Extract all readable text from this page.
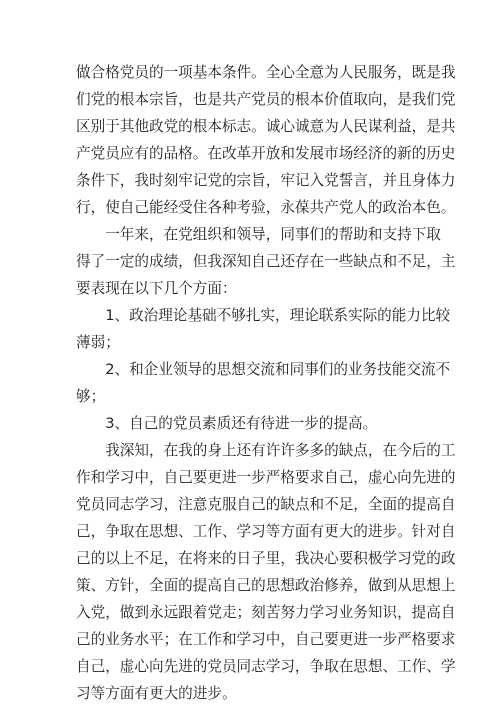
做合格党员的一项基本条件。全心全意为人民服务，既是我
们党的根本宗旨，也是共产党员的根本价值取向，是我们党
区别于其他政党的根本标志。诚心诚意为人民谋利益，是共
产党员应有的品格。在改革开放和发展市场经济的新的历史
条件下，我时刻牢记党的宗旨，牢记入党誓言，并且身体力
行，使自己能经受住各种考验，永葆共产党人的政治本色。
　　一年来，在党组织和领导，同事们的帮助和支持下取
得了一定的成绩，但我深知自己还存在一些缺点和不足，主
要表现在以下几个方面：
　　1、政治理论基础不够扎实，理论联系实际的能力比较
薄弱；
　　2、和企业领导的思想交流和同事们的业务技能交流不
够；
　　3、自己的党员素质还有待进一步的提高。
　　我深知，在我的身上还有许许多多的缺点，在今后的工
作和学习中，自己要更进一步严格要求自己，虚心向先进的
党员同志学习，注意克服自己的缺点和不足，全面的提高自
己，争取在思想、工作、学习等方面有更大的进步。针对自
己的以上不足，在将来的日子里，我决心要积极学习党的政
策、方针，全面的提高自己的思想政治修养，做到从思想上
入党，做到永远跟着党走；刻苦努力学习业务知识，提高自
己的业务水平；在工作和学习中，自己要更进一步严格要求
自己，虚心向先进的党员同志学习，争取在思想、工作、学
习等方面有更大的进步。
